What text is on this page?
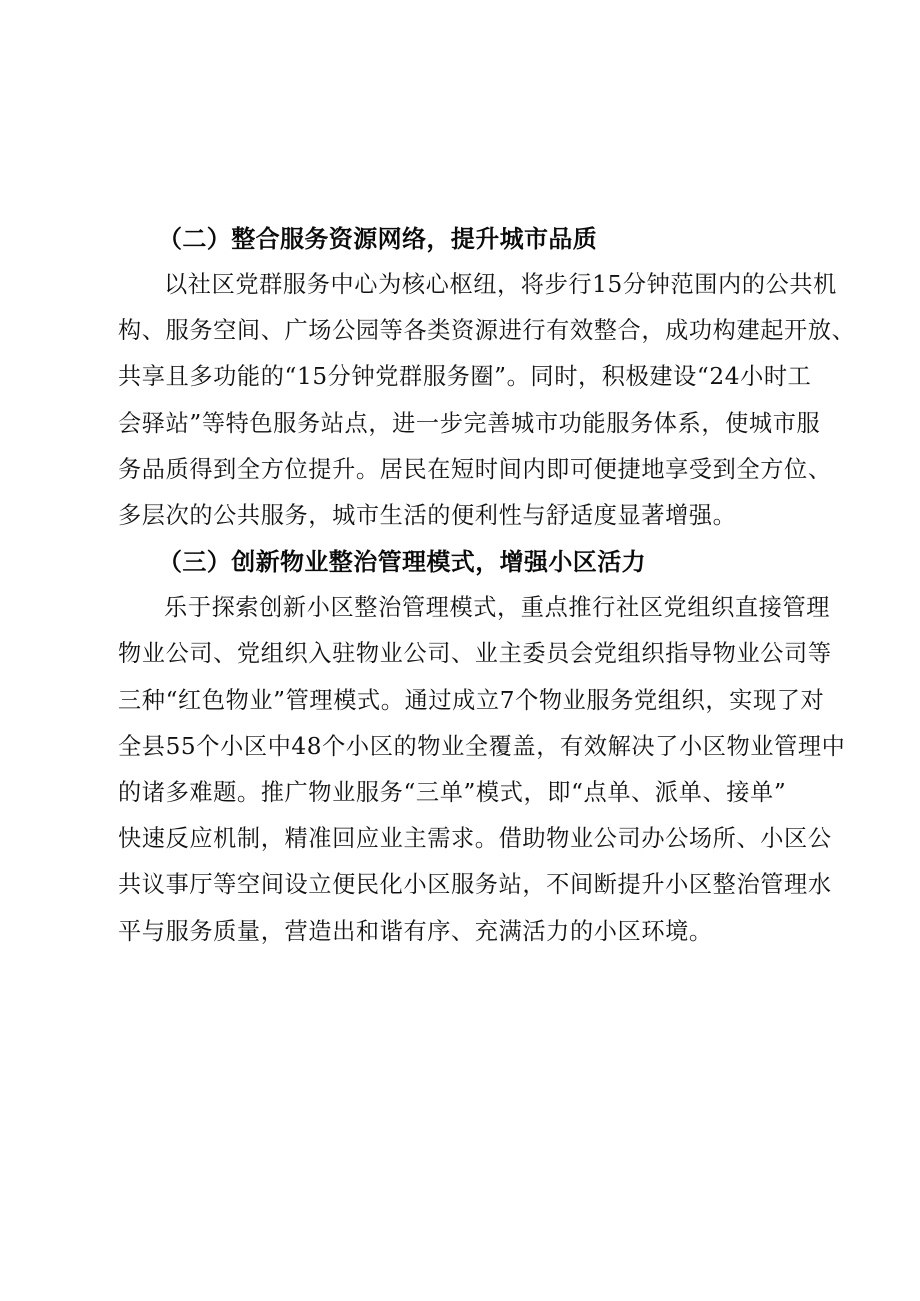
（二）整合服务资源网络，提升城市品质
以社区党群服务中心为核心枢纽，将步行15分钟范围内的公共机
构、服务空间、广场公园等各类资源进行有效整合，成功构建起开放、
共享且多功能的“15分钟党群服务圈”。同时，积极建设“24小时工
会驿站”等特色服务站点，进一步完善城市功能服务体系，使城市服
务品质得到全方位提升。居民在短时间内即可便捷地享受到全方位、
多层次的公共服务，城市生活的便利性与舒适度显著增强。
（三）创新物业整治管理模式，增强小区活力
乐于探索创新小区整治管理模式，重点推行社区党组织直接管理
物业公司、党组织入驻物业公司、业主委员会党组织指导物业公司等
三种“红色物业”管理模式。通过成立7个物业服务党组织，实现了对
全县55个小区中48个小区的物业全覆盖，有效解决了小区物业管理中
的诸多难题。推广物业服务“三单”模式，即“点单、派单、接单”
快速反应机制，精准回应业主需求。借助物业公司办公场所、小区公
共议事厅等空间设立便民化小区服务站，不间断提升小区整治管理水
平与服务质量，营造出和谐有序、充满活力的小区环境。
